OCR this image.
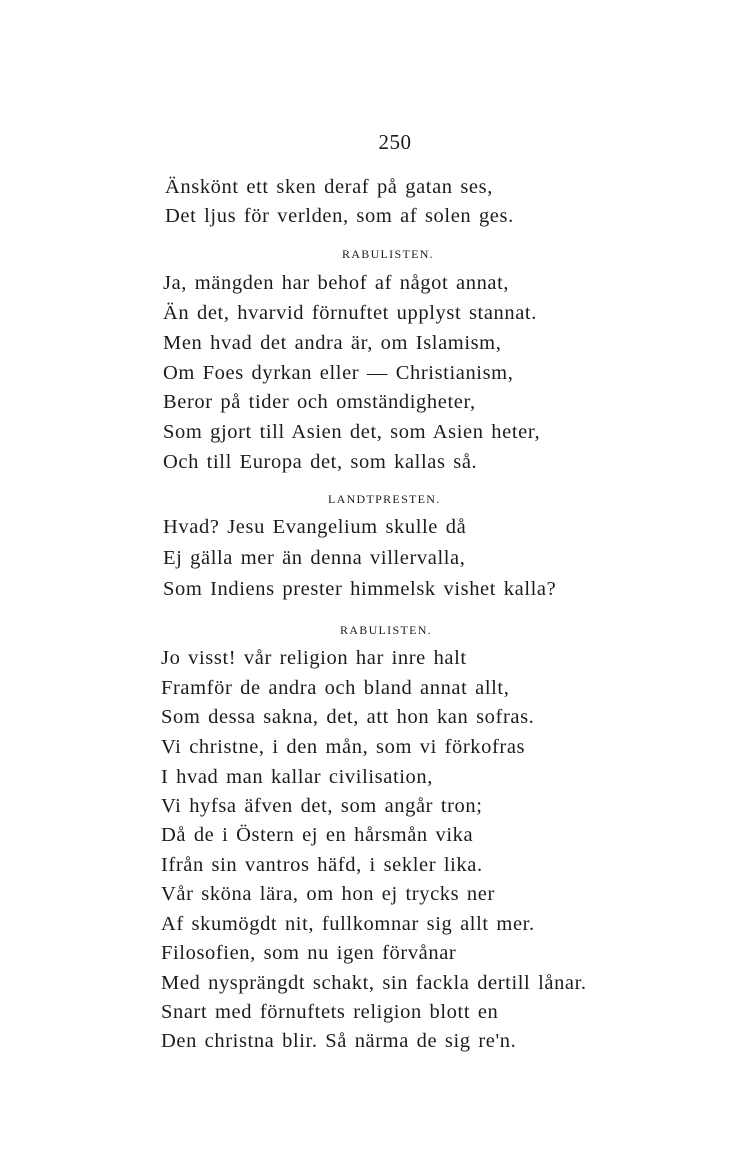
250
Änskönt ett sken deraf på gatan ses,
Det ljus för verlden, som af solen ges.
RABULISTEN.
Ja, mängden har behof af något annat,
Än det, hvarvid förnuftet upplyst stannat.
Men hvad det andra är, om Islamism,
Om Foes dyrkan eller — Christianism,
Beror på tider och omständigheter,
Som gjort till Asien det, som Asien heter,
Och till Europa det, som kallas så.
LANDTPRESTEN.
Hvad? Jesu Evangelium skulle då
Ej gälla mer än denna villervalla,
Som Indiens prester himmelsk vishet kalla?
RABULISTEN.
Jo visst! vår religion har inre halt
Framför de andra och bland annat allt,
Som dessa sakna, det, att hon kan sofras.
Vi christne, i den mån, som vi förkofras
I hvad man kallar civilisation,
Vi hyfsa äfven det, som angår tron;
Då de i Östern ej en hårsmån vika
Ifrån sin vantros häfd, i sekler lika.
Vår sköna lära, om hon ej trycks ner
Af skumögdt nit, fullkomnar sig allt mer.
Filosofien, som nu igen förvånar
Med nysprängdt schakt, sin fackla dertill lånar.
Snart med förnuftets religion blott en
Den christna blir. Så närma de sig re'n.
